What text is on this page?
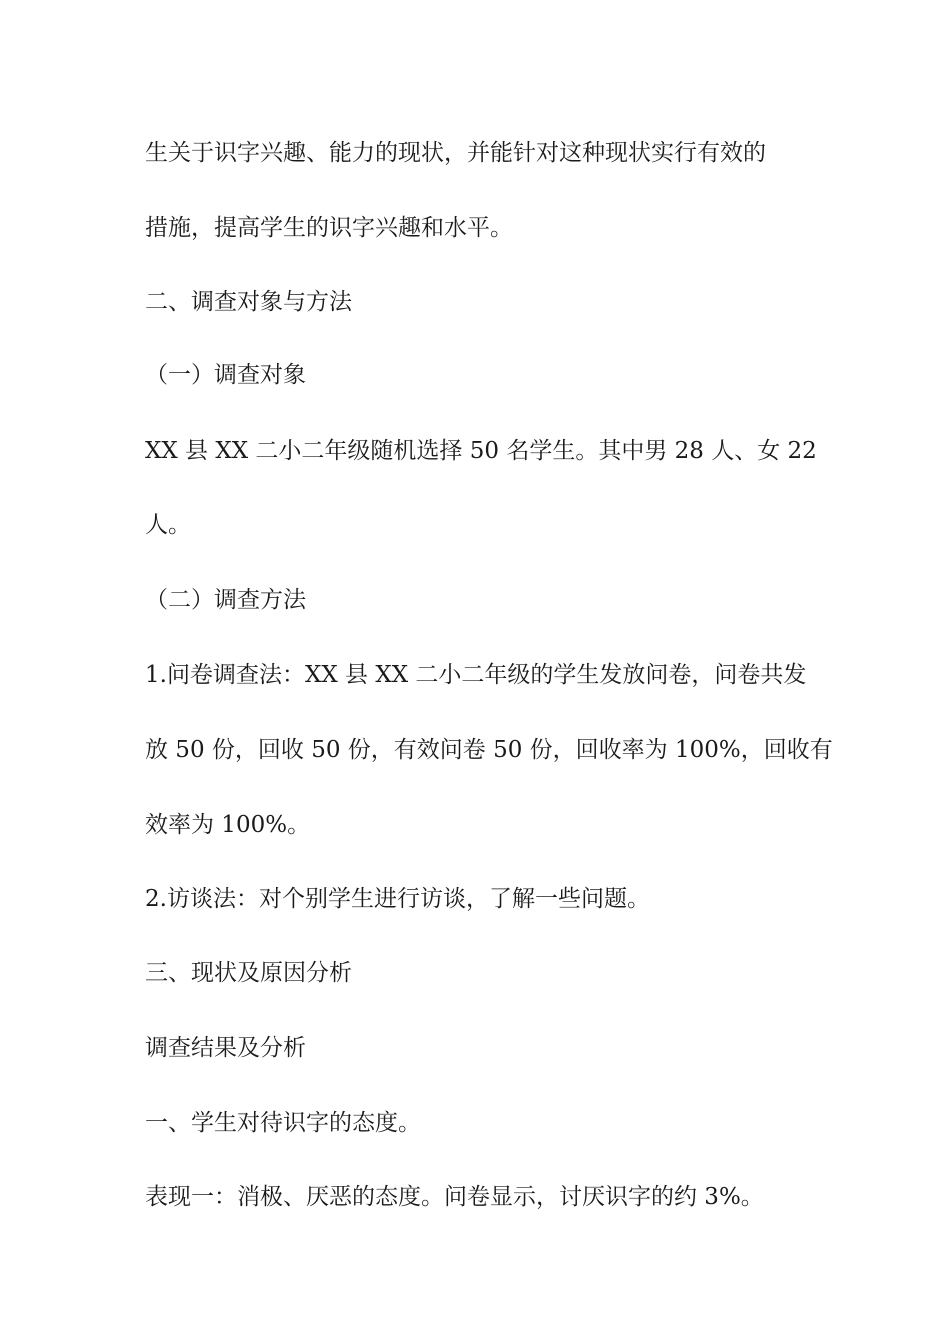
生关于识字兴趣、能力的现状，并能针对这种现状实行有效的
措施，提高学生的识字兴趣和水平。
二、调查对象与方法
（一）调查对象
XX 县 XX 二小二年级随机选择 50 名学生。其中男 28 人、女 22
人。
（二）调查方法
1.问卷调查法：XX 县 XX 二小二年级的学生发放问卷，问卷共发
放 50 份，回收 50 份，有效问卷 50 份，回收率为 100%，回收有
效率为 100%。
2.访谈法：对个别学生进行访谈，了解一些问题。
三、现状及原因分析
调查结果及分析
一、学生对待识字的态度。
表现一：消极、厌恶的态度。问卷显示，讨厌识字的约 3%。
